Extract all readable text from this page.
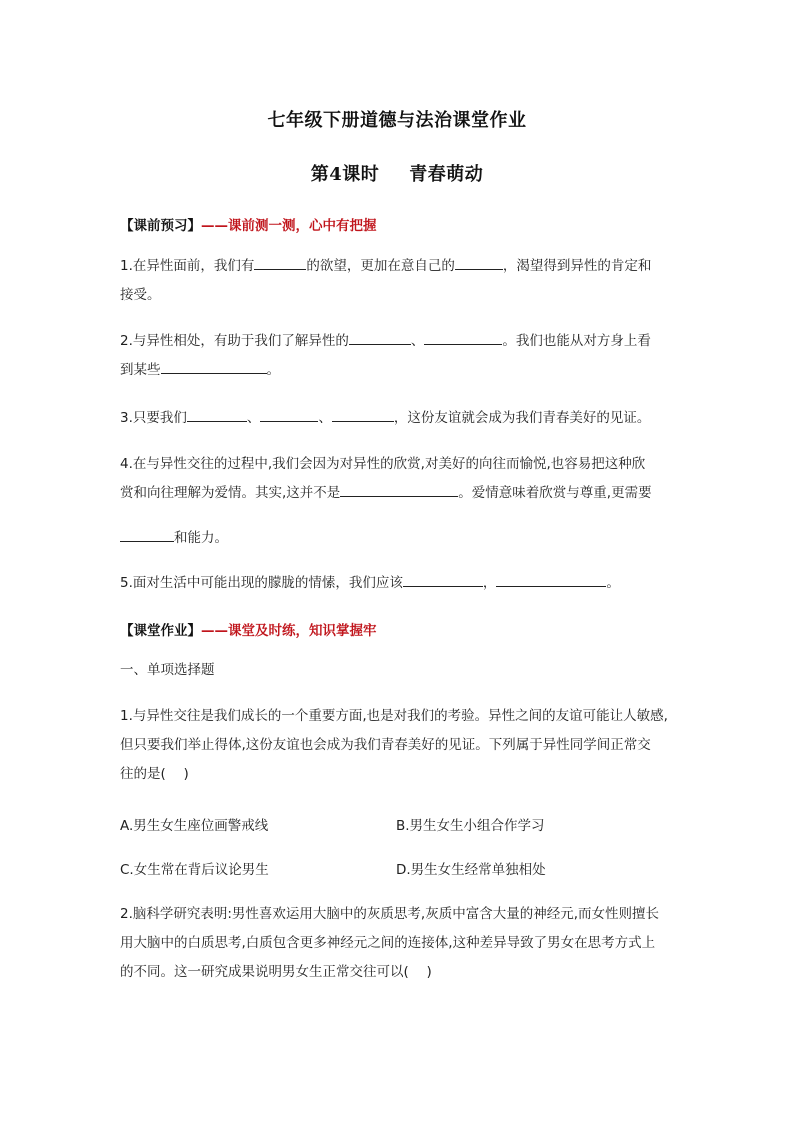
七年级下册道德与法治课堂作业
第4课时 青春萌动
【课前预习】——课前测一测，心中有把握
1.在异性面前，我们有	的欲望，更加在意自己的	，渴望得到异性的肯定和
接受。
2.与异性相处，有助于我们了解异性的	、	。我们也能从对方身上看
到某些	。
3.只要我们	、	、	，这份友谊就会成为我们青春美好的见证。
4.在与异性交往的过程中,我们会因为对异性的欣赏,对美好的向往而愉悦,也容易把这种欣
赏和向往理解为爱情。其实,这并不是	。爱情意味着欣赏与尊重,更需要
和能力。
5.面对生活中可能出现的朦胧的情愫，我们应该	，	。
【课堂作业】——课堂及时练，知识掌握牢
一、单项选择题
1.与异性交往是我们成长的一个重要方面,也是对我们的考验。异性之间的友谊可能让人敏感,
但只要我们举止得体,这份友谊也会成为我们青春美好的见证。下列属于异性同学间正常交
往的是(　 )
A.男生女生座位画警戒线	B.男生女生小组合作学习
C.女生常在背后议论男生	D.男生女生经常单独相处
2.脑科学研究表明:男性喜欢运用大脑中的灰质思考,灰质中富含大量的神经元,而女性则擅长
用大脑中的白质思考,白质包含更多神经元之间的连接体,这种差异导致了男女在思考方式上
的不同。这一研究成果说明男女生正常交往可以(　 )
